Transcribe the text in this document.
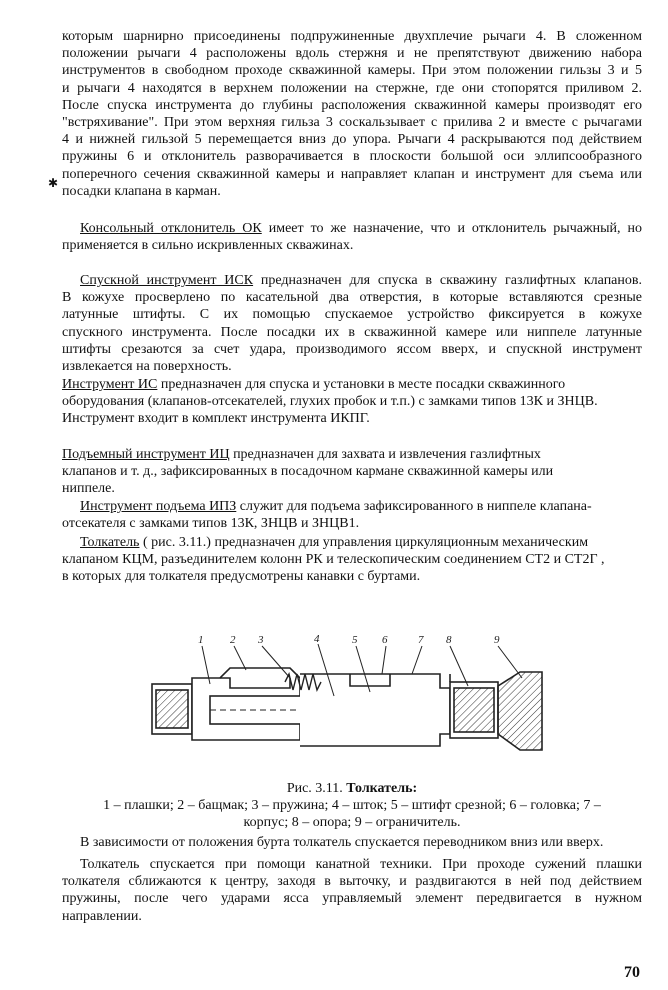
✱
которым шарнирно присоединены подпружиненные двухплечие рычаги 4. В сложенном
положении рычаги 4 расположены вдоль стержня и не препятствуют движению набора
инструментов в свободном проходе скважинной камеры. При этом положении гильзы 3 и 5
и рычаги 4 находятся в верхнем положении на стержне, где они стопорятся приливом 2.
После спуска инструмента до глубины расположения скважинной камеры производят его
"встряхивание". При этом верхняя гильза 3 соскальзывает с прилива 2 и вместе с рычагами
4 и нижней гильзой 5 перемещается вниз до упора. Рычаги 4 раскрываются под действием
пружины 6 и отклонитель разворачивается в плоскости большой оси эллипсообразного
поперечного сечения скважинной камеры и направляет клапан и инструмент для съема или
посадки клапана в карман.
Консольный отклонитель ОК имеет то же назначение, что и отклонитель рычажный, но
применяется в сильно искривленных скважинах.
Спускной инструмент ИСК предназначен для спуска в скважину газлифтных клапанов.
В кожухе просверлено по касательной два отверстия, в которые вставляются срезные
латунные штифты. С их помощью спускаемое устройство фиксируется в кожухе
спускного инструмента. После посадки их в скважинной камере или ниппеле латунные
штифты срезаются за счет удара, производимого яссом вверх, и спускной инструмент
извлекается на поверхность.
Инструмент ИС предназначен для спуска и установки в месте посадки скважинного
оборудования (клапанов-отсекателей, глухих пробок и т.п.) с замками типов 13К и ЗНЦВ.
Инструмент входит в комплект инструмента ИКПГ.
Подъемный инструмент ИЦ предназначен для захвата и извлечения газлифтных
клапанов и т. д., зафиксированных в посадочном кармане скважинной камеры или
ниппеле.
Инструмент подъема ИПЗ служит для подъема зафиксированного в ниппеле клапана-
отсекателя с замками типов 13К, ЗНЦВ и ЗНЦВ1.
Толкатель ( рис. 3.11.) предназначен для управления циркуляционным механическим
клапаном КЦМ, разъединителем колонн РК и телескопическим соединением СТ2 и СТ2Г ,
в которых для толкателя предусмотрены канавки с буртами.
1 2 3	4	5 6	7 8	9
Рис. 3.11. Толкатель:
1 – плашки; 2 – бащмак; 3 – пружина; 4 – шток; 5 – штифт срезной; 6 – головка; 7 –
корпус; 8 – опора; 9 – ограничитель.
В зависимости от положения бурта толкатель спускается переводником вниз или вверх.
Толкатель спускается при помощи канатной техники. При проходе сужений плашки
толкателя сближаются к центру, заходя в выточку, и раздвигаются в ней под действием
пружины, после чего ударами ясса управляемый элемент передвигается в нужном
направлении.
70
